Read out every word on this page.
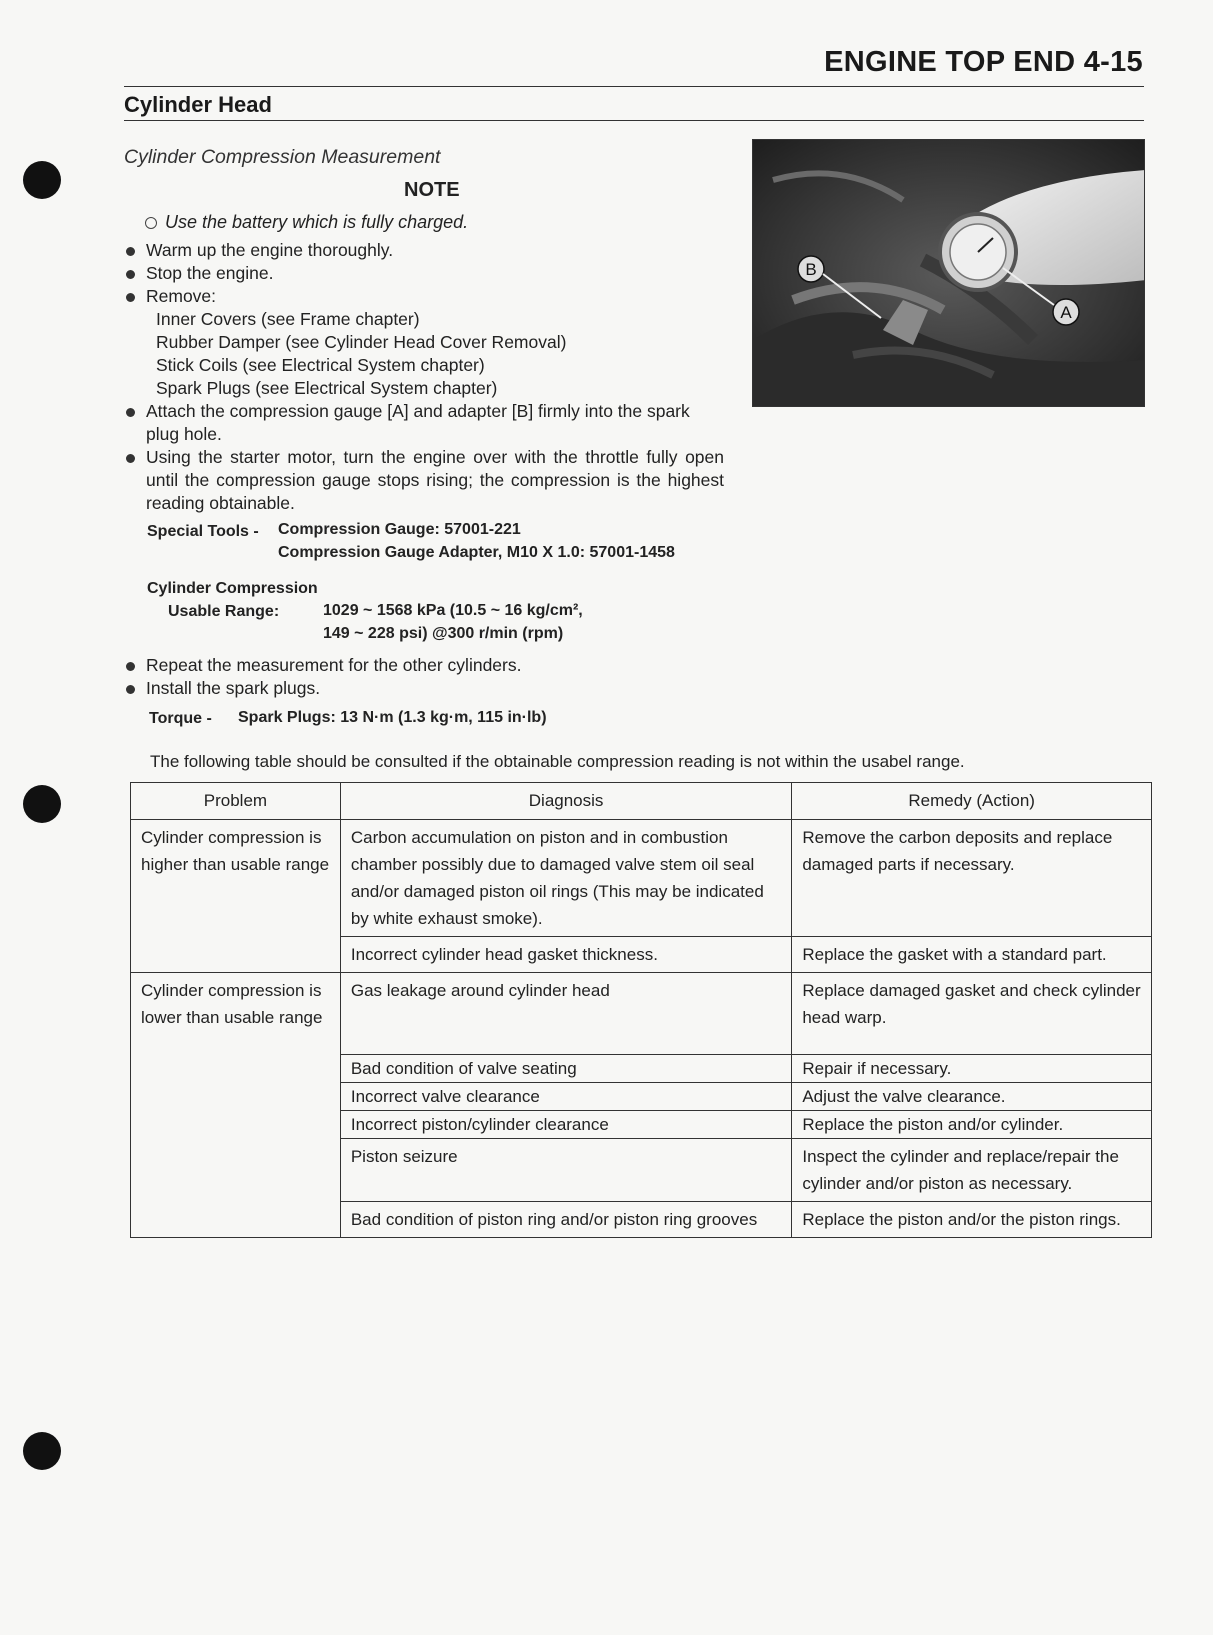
ENGINE TOP END 4-15
Cylinder Head
Cylinder Compression Measurement
NOTE
Use the battery which is fully charged.
Warm up the engine thoroughly.
Stop the engine.
Remove:
Inner Covers (see Frame chapter)
Rubber Damper (see Cylinder Head Cover Removal)
Stick Coils (see Electrical System chapter)
Spark Plugs (see Electrical System chapter)
Attach the compression gauge [A] and adapter [B] firmly into the spark plug hole.
Using the starter motor, turn the engine over with the throttle fully open until the compression gauge stops rising; the compression is the highest reading obtainable.
Special Tools - Compression Gauge: 57001-221
Compression Gauge Adapter, M10 X 1.0: 57001-1458
Cylinder Compression
Usable Range:	1029 ~ 1568 kPa (10.5 ~ 16 kg/cm²,
149 ~ 228 psi) @300 r/min (rpm)
Repeat the measurement for the other cylinders.
Install the spark plugs.
Torque - Spark Plugs: 13 N·m (1.3 kg·m, 115 in·lb)
B
A
The following table should be consulted if the obtainable compression reading is not within the usabel range.
Problem	Diagnosis	Remedy (Action)
Cylinder compression is higher than usable range	Carbon accumulation on piston and in combustion chamber possibly due to damaged valve stem oil seal and/or damaged piston oil rings (This may be indicated by white exhaust smoke).	Remove the carbon deposits and replace damaged parts if necessary.
	Incorrect cylinder head gasket thickness.	Replace the gasket with a standard part.
Cylinder compression is lower than usable range	Gas leakage around cylinder head	Replace damaged gasket and check cylinder head warp.
	Bad condition of valve seating	Repair if necessary.
	Incorrect valve clearance	Adjust the valve clearance.
	Incorrect piston/cylinder clearance	Replace the piston and/or cylinder.
	Piston seizure	Inspect the cylinder and replace/repair the cylinder and/or piston as necessary.
	Bad condition of piston ring and/or piston ring grooves	Replace the piston and/or the piston rings.
